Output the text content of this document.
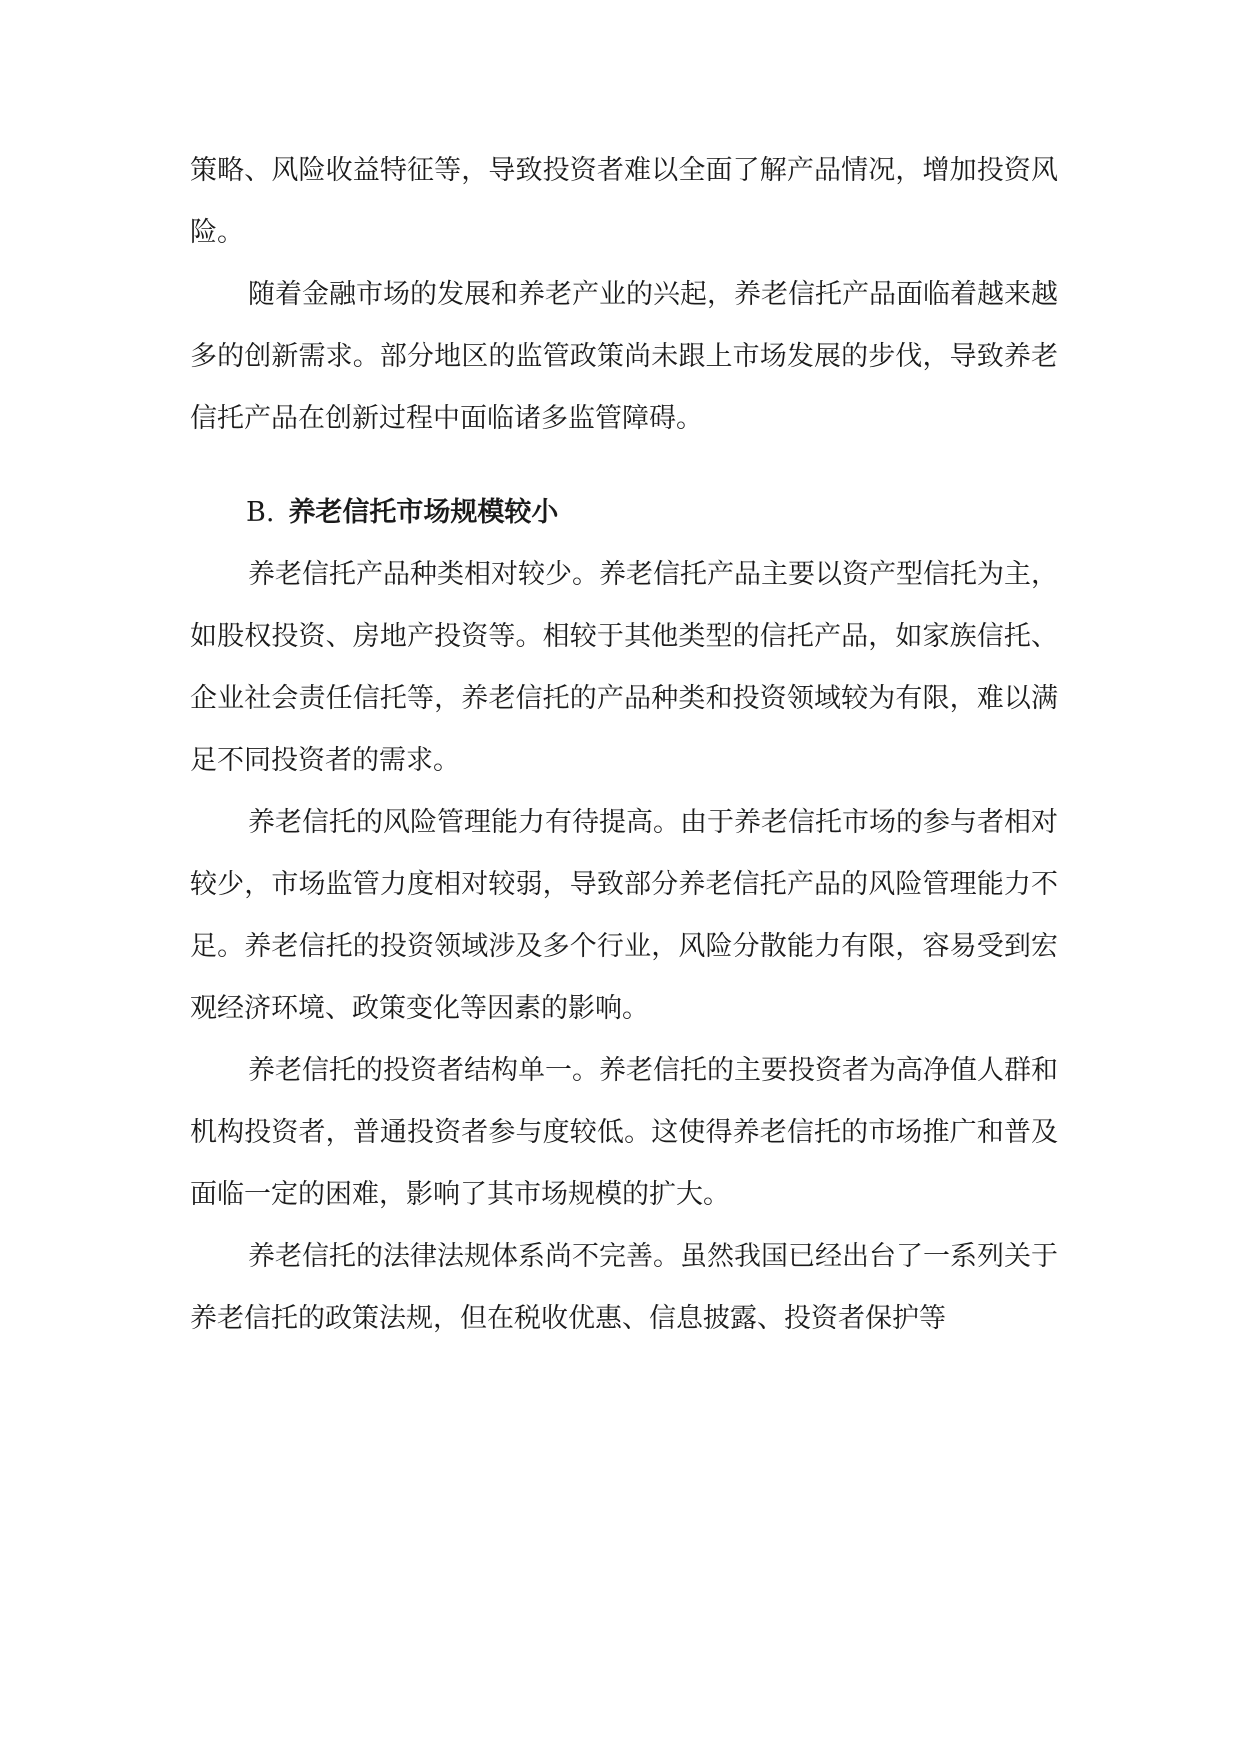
策略、风险收益特征等，导致投资者难以全面了解产品情况，增加投资风险。

随着金融市场的发展和养老产业的兴起，养老信托产品面临着越来越多的创新需求。部分地区的监管政策尚未跟上市场发展的步伐，导致养老信托产品在创新过程中面临诸多监管障碍。

B. 养老信托市场规模较小

养老信托产品种类相对较少。养老信托产品主要以资产型信托为主，如股权投资、房地产投资等。相较于其他类型的信托产品，如家族信托、企业社会责任信托等，养老信托的产品种类和投资领域较为有限，难以满足不同投资者的需求。

养老信托的风险管理能力有待提高。由于养老信托市场的参与者相对较少，市场监管力度相对较弱，导致部分养老信托产品的风险管理能力不足。养老信托的投资领域涉及多个行业，风险分散能力有限，容易受到宏观经济环境、政策变化等因素的影响。

养老信托的投资者结构单一。养老信托的主要投资者为高净值人群和机构投资者，普通投资者参与度较低。这使得养老信托的市场推广和普及面临一定的困难，影响了其市场规模的扩大。

养老信托的法律法规体系尚不完善。虽然我国已经出台了一系列关于养老信托的政策法规，但在税收优惠、信息披露、投资者保护等
